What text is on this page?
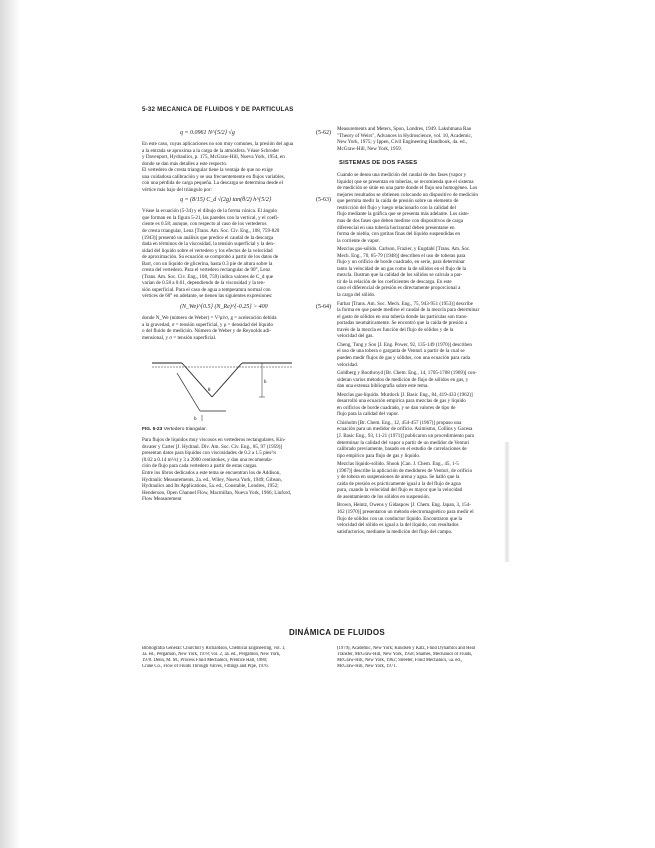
5-32 MECÁNICA DE FLUIDOS Y DE PARTÍCULAS
q = 0.0961 N^{5/2} √g	(5-62)
En este caso, cuyas aplicaciones no son muy comunes, la presión del agua
a la entrada se aproxima a la carga de la atmósfera. Véase Schroder
y Davenport, Hydraulics, p. 175, McGraw-Hill, Nueva York, 1954, en
donde se dan más detalles a este respecto.
El vertedero de cresta triangular tiene la ventaja de que no exige
una cuidadosa calibración y se usa frecuentemente en flujos variables,
con una pérdida de carga pequeña. La descarga se determina desde el
vértice más bajo del triángulo por:
q = (8/15) C_d √(2g) tan(θ/2) h^{5/2}	(5-63)
Véase la ecuación (5-34) y el dibujo de la forma cónica. El ángulo
que forman en la figura 5-21, las paredes con la vertical, y el coefi-
ciente es 0.58; aunque, con respecto al caso de los vertederos
de cresta triangular, Lenz [Trans. Am. Soc. Civ. Eng., 108, 759-820
(1943)] presentó un análisis que predice el caudal de la descarga
dada en términos de la viscosidad, la tensión superficial y la den-
sidad del líquido sobre el vertedero y los efectos de la velocidad
de aproximación. Su ecuación se comprobó a partir de los datos de
Barr, con un líquido de glicerina, hasta 0.3 pie de altura sobre la
cresta del vertedero. Para el vertedero rectangular de 90°, Lenz
(Trans. Am. Soc. Civ. Eng., 108, 759) indica valores de C_d que
varían de 0.58 a 0.61, dependiendo de la viscosidad y la ten-
sión superficial. Para el caso de agua a temperatura normal con
vértices de 60° en adelante, se tienen las siguientes expresiones:
(N_We)^{0.5} (N_Re)^{-0.25} > 400	(5-64)
donde N_We (número de Weber) = V²ρl/σ, g = aceleración debida
a la gravedad, σ = tensión superficial, y ρ = densidad del líquido
o del fluido de medición. Número de Weber y de Reynolds adi-
mensional, y σ = tensión superficial.
h
b
θ
FIG. 5-23 Vertedero triangular.
Para flujos de líquidos muy viscosos en vertederos rectangulares, Kin-
dsvater y Carter [J. Hydraul. Div. Am. Soc. Civ. Eng., 85, 97 (1959)]
presentan datos para líquidos con viscosidades de 0.2 a 1.5 pies²/s
(0.02 a 0.14 m²/s) y 3 a 2000 centistokes, y dan una recomenda-
ción de flujo para cada vertedero a partir de estas cargas.
Entre los libros dedicados a este tema se encuentran los de Addison,
Hydraulic Measurements, 2a. ed., Wiley, Nueva York, 1949; Gibson,
Hydraulics and Its Applications, 5a. ed., Constable, Londres, 1952;
Henderson, Open Channel Flow, Macmillan, Nueva York, 1966; Linford,
Flow Measurement
Measurements and Meters, Spon, Londres, 1949. Lakshmana Rao
"Theory of Weirs", Advances in Hydroscience, vol. 10, Academic,
New York, 1975; y Ippen, Civil Engineering Handbook, 4a. ed.,
McGraw-Hill, New York, 1959.
SISTEMAS DE DOS FASES
Cuando se desea una medición del caudal de dos fases (vapor y
líquido) que se presentan en tuberías, se recomienda que el sistema
de medición se sitúe en una parte donde el flujo sea homogéneo. Los
mejores resultados se obtienen colocando un dispositivo de medición
que permita medir la caída de presión sobre un elemento de
restricción del flujo y luego relacionarlo con la calidad del
flujo mediante la gráfica que se presenta más adelante. Los siste-
mas de dos fases que deben medirse con dispositivos de carga
diferencial en una tubería horizontal deben presentarse en
forma de niebla, con gotitas finas del líquido suspendidas en
la corriente de vapor.
Mezclas gas-sólido. Carlson, Frazier, y Engdahl [Trans. Am. Soc.
Mech. Eng., 70, 65-79 (1948)] describen el uso de toberas para
flujo y un orificio de borde cuadrado, en serie, para determinar
tanto la velocidad de un gas como la de sólidos en el flujo de la
mezcla. Ilustran que la calidad de los sólidos se calcula a par-
tir de la relación de los coeficientes de descarga. En este
caso el diferencial de presión es directamente proporcional a
la carga del sólido.
Farbar [Trans. Am. Soc. Mech. Eng., 75, 943-951 (1953)] describe
la forma en que puede medirse el caudal de la mezcla para determinar
el gasto de sólidos en una tubería donde las partículas son trans-
portadas neumáticamente. Se encontró que la caída de presión a
través de la mezcla es función del flujo de sólidos y de la
velocidad del gas.
Cheng, Tung y Soo [J. Eng. Power, 92, 135-149 (1970)] describen
el uso de una tobera o garganta de Venturi a partir de la cual se
pueden medir flujos de gas y sólidos, con una ecuación para cada
velocidad.
Goldberg y Boothroyd [Br. Chem. Eng., 14, 1705-1708 (1969)] con-
sideran varios métodos de medición de flujo de sólidos en gas, y
dan una extensa bibliografía sobre este tema.
Mezclas gas-líquido. Murdock [J. Basic Eng., 84, 419-433 (1962)]
desarrolló una ecuación empírica para mezclas de gas y líquido
en orificios de borde cuadrado, y se dan valores de tipo de
flujo para la calidad del vapor.
Chisholm [Br. Chem. Eng., 12, 454-457 (1967)] propuso una
ecuación para un medidor de orificio. Asimismo, Collins y Gacesa
[J. Basic Eng., 93, 11-21 (1971)] publicaron un procedimiento para
determinar la calidad del vapor a partir de un medidor de Venturi
calibrado previamente, basado en el estudio de correlaciones de
tipo empírico para flujo de gas y líquido.
Mezclas líquido-sólido. Shook [Can. J. Chem. Eng., 45, 1-5
(1967)] describe la aplicación de medidores de Venturi, de orificio
y de tobera en suspensiones de arena y agua. Se halló que la
caída de presión es prácticamente igual a la del flujo de agua
pura, cuando la velocidad del flujo es mayor que la velocidad
de asentamiento de los sólidos en suspensión.
Brown, Heintz, Owens y Gidaspow [J. Chem. Eng. Japan, 3, 154-
162 (1970)] presentaron un método electromagnético para medir el
flujo de sólidos con un conductor líquido. Encontraron que la
velocidad del sólido es igual a la del líquido, con resultados
satisfactorios, mediante la medición del flujo del campo.
DINÁMICA DE FLUIDOS
Bibliografía General: Churchill y Richardson, Chemical Engineering, vol. 1,
3a. ed., Pergamon, New York, 1978; vol. 2, 3a. ed., Pergamon, New York,
1978. Denn, M. M., Process Fluid Mechanics, Prentice Hall, 1980;
Crane Co., Flow of Fluids Through Valves, Fittings and Pipe, 1976.
(1979), Academic, New York; Knudsen y Katz, Fluid Dynamics and Heat
Transfer, McGraw-Hill, New York, 1958; Shames, Mechanics of Fluids,
McGraw-Hill, New York, 1962; Streeter, Fluid Mechanics, 5a. ed.,
McGraw-Hill, New York, 1971.
